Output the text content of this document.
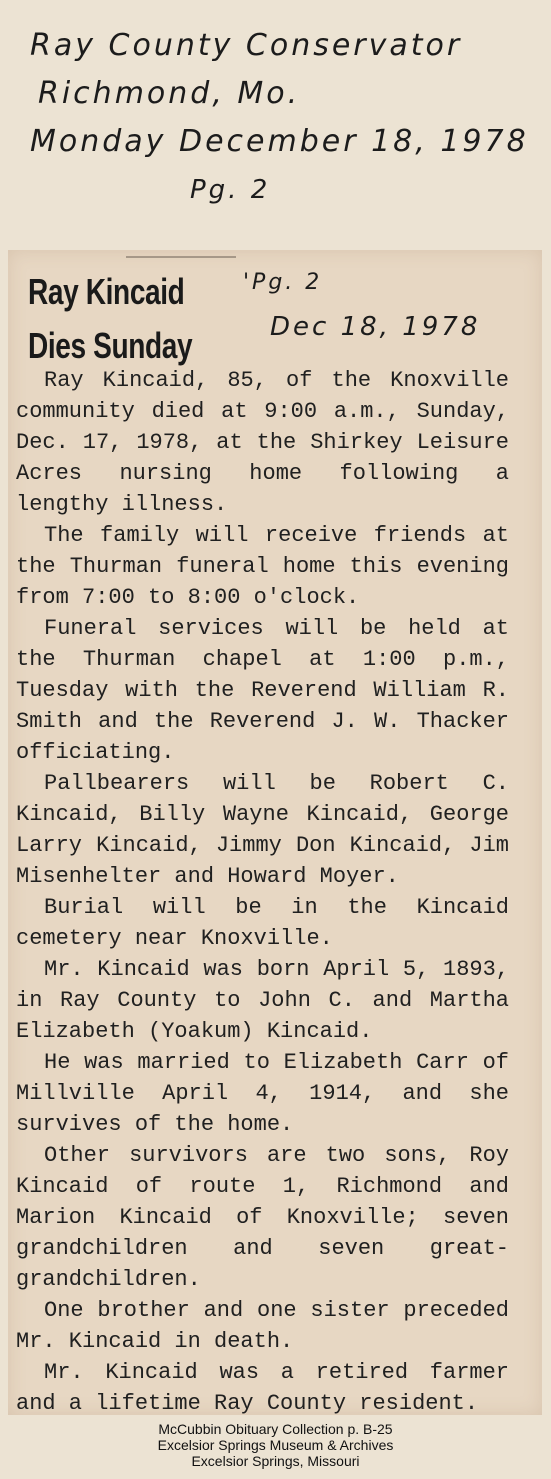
Ray County Conservator
Richmond, Mo.
Monday December 18, 1978
Pg. 2
Ray Kincaid
Dies Sunday
'Pg. 2
Dec 18, 1978

Ray Kincaid, 85, of the Knoxville community died at 9:00 a.m., Sunday, Dec. 17, 1978, at the Shirkey Leisure Acres nursing home following a lengthy illness.

The family will receive friends at the Thurman funeral home this evening from 7:00 to 8:00 o'clock.

Funeral services will be held at the Thurman chapel at 1:00 p.m., Tuesday with the Reverend William R. Smith and the Reverend J. W. Thacker officiating.

Pallbearers will be Robert C. Kincaid, Billy Wayne Kincaid, George Larry Kincaid, Jimmy Don Kincaid, Jim Misenhelter and Howard Moyer.

Burial will be in the Kincaid cemetery near Knoxville.

Mr. Kincaid was born April 5, 1893, in Ray County to John C. and Martha Elizabeth (Yoakum) Kincaid.

He was married to Elizabeth Carr of Millville April 4, 1914, and she survives of the home.

Other survivors are two sons, Roy Kincaid of route 1, Richmond and Marion Kincaid of Knoxville; seven grandchildren and seven great-grandchildren.

One brother and one sister preceded Mr. Kincaid in death.

Mr. Kincaid was a retired farmer and a lifetime Ray County resident.

McCubbin Obituary Collection p. B-25
Excelsior Springs Museum & Archives
Excelsior Springs, Missouri
